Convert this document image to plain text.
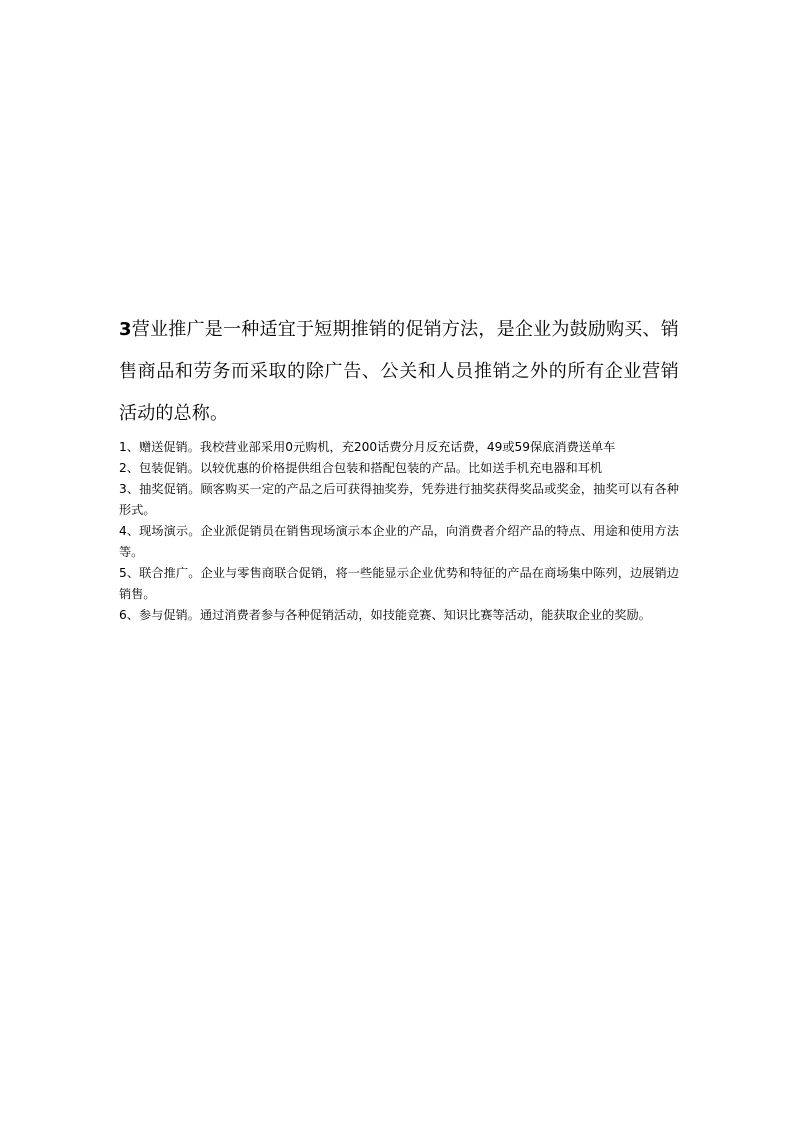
3营业推广是一种适宜于短期推销的促销方法，是企业为鼓励购买、销售商品和劳务而采取的除广告、公关和人员推销之外的所有企业营销活动的总称。

1、赠送促销。我校营业部采用0元购机，充200话费分月反充话费，49或59保底消费送单车
2、包装促销。以较优惠的价格提供组合包装和搭配包装的产品。比如送手机充电器和耳机
3、抽奖促销。顾客购买一定的产品之后可获得抽奖券，凭券进行抽奖获得奖品或奖金，抽奖可以有各种形式。
4、现场演示。企业派促销员在销售现场演示本企业的产品，向消费者介绍产品的特点、用途和使用方法等。
5、联合推广。企业与零售商联合促销，将一些能显示企业优势和特征的产品在商场集中陈列，边展销边销售。
6、参与促销。通过消费者参与各种促销活动，如技能竞赛、知识比赛等活动，能获取企业的奖励。
